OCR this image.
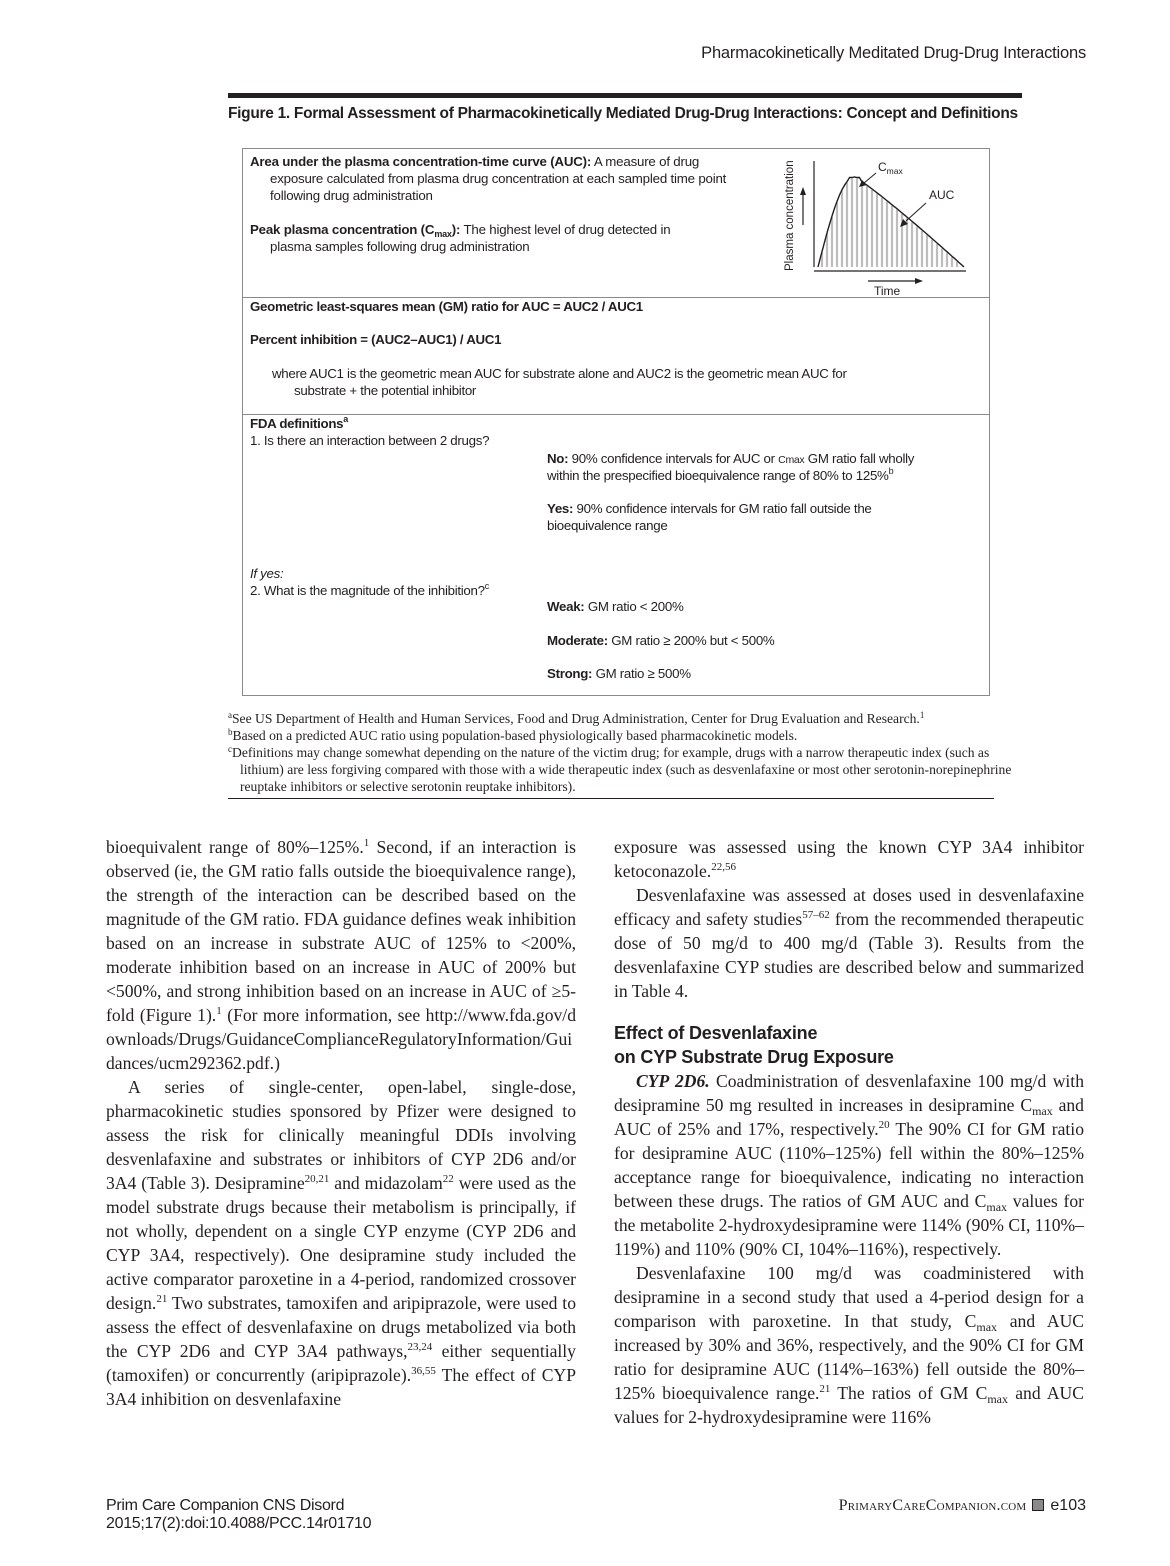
Pharmacokinetically Meditated Drug-Drug Interactions
Figure 1. Formal Assessment of Pharmacokinetically Mediated Drug-Drug Interactions: Concept and Definitions
Area under the plasma concentration-time curve (AUC): A measure of drug
exposure calculated from plasma drug concentration at each sampled time point following drug administration
Peak plasma concentration $(C_{max})$: The highest level of drug detected in
plasma samples following drug administration	Plasma concentration
Time
$C_{max}$
AUC
Geometric least-squares mean (GM) ratio for AUC = AUC2 / AUC1
Percent inhibition = (AUC2–AUC1) / AUC1
where AUC1 is the geometric mean AUC for substrate alone and AUC2 is the geometric mean AUC for
substrate + the potential inhibitor
FDA definitions$^a$
1. Is there an interaction between 2 drugs?
No: 90% confidence intervals for AUC or Cmax GM ratio fall wholly
within the prespecified bioequivalence range of 80% to 125%$^b$
Yes: 90% confidence intervals for GM ratio fall outside the
bioequivalence range
If yes:
2. What is the magnitude of the inhibition?$^c$
Weak: GM ratio < 200%
Moderate: GM ratio ≥ 200% but < 500%
Strong: GM ratio ≥ 500%
$^a$See US Department of Health and Human Services, Food and Drug Administration, Center for Drug Evaluation and Research.$^1$
$^b$Based on a predicted AUC ratio using population-based physiologically based pharmacokinetic models.
$^c$Definitions may change somewhat depending on the nature of the victim drug; for example, drugs with a narrow therapeutic index (such as lithium) are less forgiving compared with those with a wide therapeutic index (such as desvenlafaxine or most other serotonin-norepinephrine reuptake inhibitors or selective serotonin reuptake inhibitors).

bioequivalent range of 80%–125%.$^1$ Second, if an interaction is observed (ie, the GM ratio falls outside the bioequivalence range), the strength of the interaction can be described based on the magnitude of the GM ratio. FDA guidance defines weak inhibition based on an increase in substrate AUC of 125% to <200%, moderate inhibition based on an increase in AUC of 200% but <500%, and strong inhibition based on an increase in AUC of ≥5-fold (Figure 1).$^1$ (For more information, see http://www.fda.gov/downloads/Drugs/GuidanceComplianceRegulatoryInformation/Guidances/ucm292362.pdf.)

A series of single-center, open-label, single-dose, pharmacokinetic studies sponsored by Pfizer were designed to assess the risk for clinically meaningful DDIs involving desvenlafaxine and substrates or inhibitors of CYP 2D6 and/or 3A4 (Table 3). Desipramine$^{20,21}$ and midazolam$^{22}$ were used as the model substrate drugs because their metabolism is principally, if not wholly, dependent on a single CYP enzyme (CYP 2D6 and CYP 3A4, respectively). One desipramine study included the active comparator paroxetine in a 4-period, randomized crossover design.$^{21}$ Two substrates, tamoxifen and aripiprazole, were used to assess the effect of desvenlafaxine on drugs metabolized via both the CYP 2D6 and CYP 3A4 pathways,$^{23,24}$ either sequentially (tamoxifen) or concurrently (aripiprazole).$^{36,55}$ The effect of CYP 3A4 inhibition on desvenlafaxine

exposure was assessed using the known CYP 3A4 inhibitor ketoconazole.$^{22,56}$

Desvenlafaxine was assessed at doses used in desvenlafaxine efficacy and safety studies$^{57-62}$ from the recommended therapeutic dose of 50 mg/d to 400 mg/d (Table 3). Results from the desvenlafaxine CYP studies are described below and summarized in Table 4.

Effect of Desvenlafaxine
on CYP Substrate Drug Exposure

CYP 2D6. Coadministration of desvenlafaxine 100 mg/d with desipramine 50 mg resulted in increases in desipramine $C_{max}$ and AUC of 25% and 17%, respectively.$^{20}$ The 90% CI for GM ratio for desipramine AUC (110%–125%) fell within the 80%–125% acceptance range for bioequivalence, indicating no interaction between these drugs. The ratios of GM AUC and $C_{max}$ values for the metabolite 2-hydroxydesipramine were 114% (90% CI, 110%–119%) and 110% (90% CI, 104%–116%), respectively.

Desvenlafaxine 100 mg/d was coadministered with desipramine in a second study that used a 4-period design for a comparison with paroxetine. In that study, $C_{max}$ and AUC increased by 30% and 36%, respectively, and the 90% CI for GM ratio for desipramine AUC (114%–163%) fell outside the 80%–125% bioequivalence range.$^{21}$ The ratios of GM $C_{max}$ and AUC values for 2-hydroxydesipramine were 116%

Prim Care Companion CNS Disord
2015;17(2):doi:10.4088/PCC.14r01710
PrimaryCareCompanion.com e103
